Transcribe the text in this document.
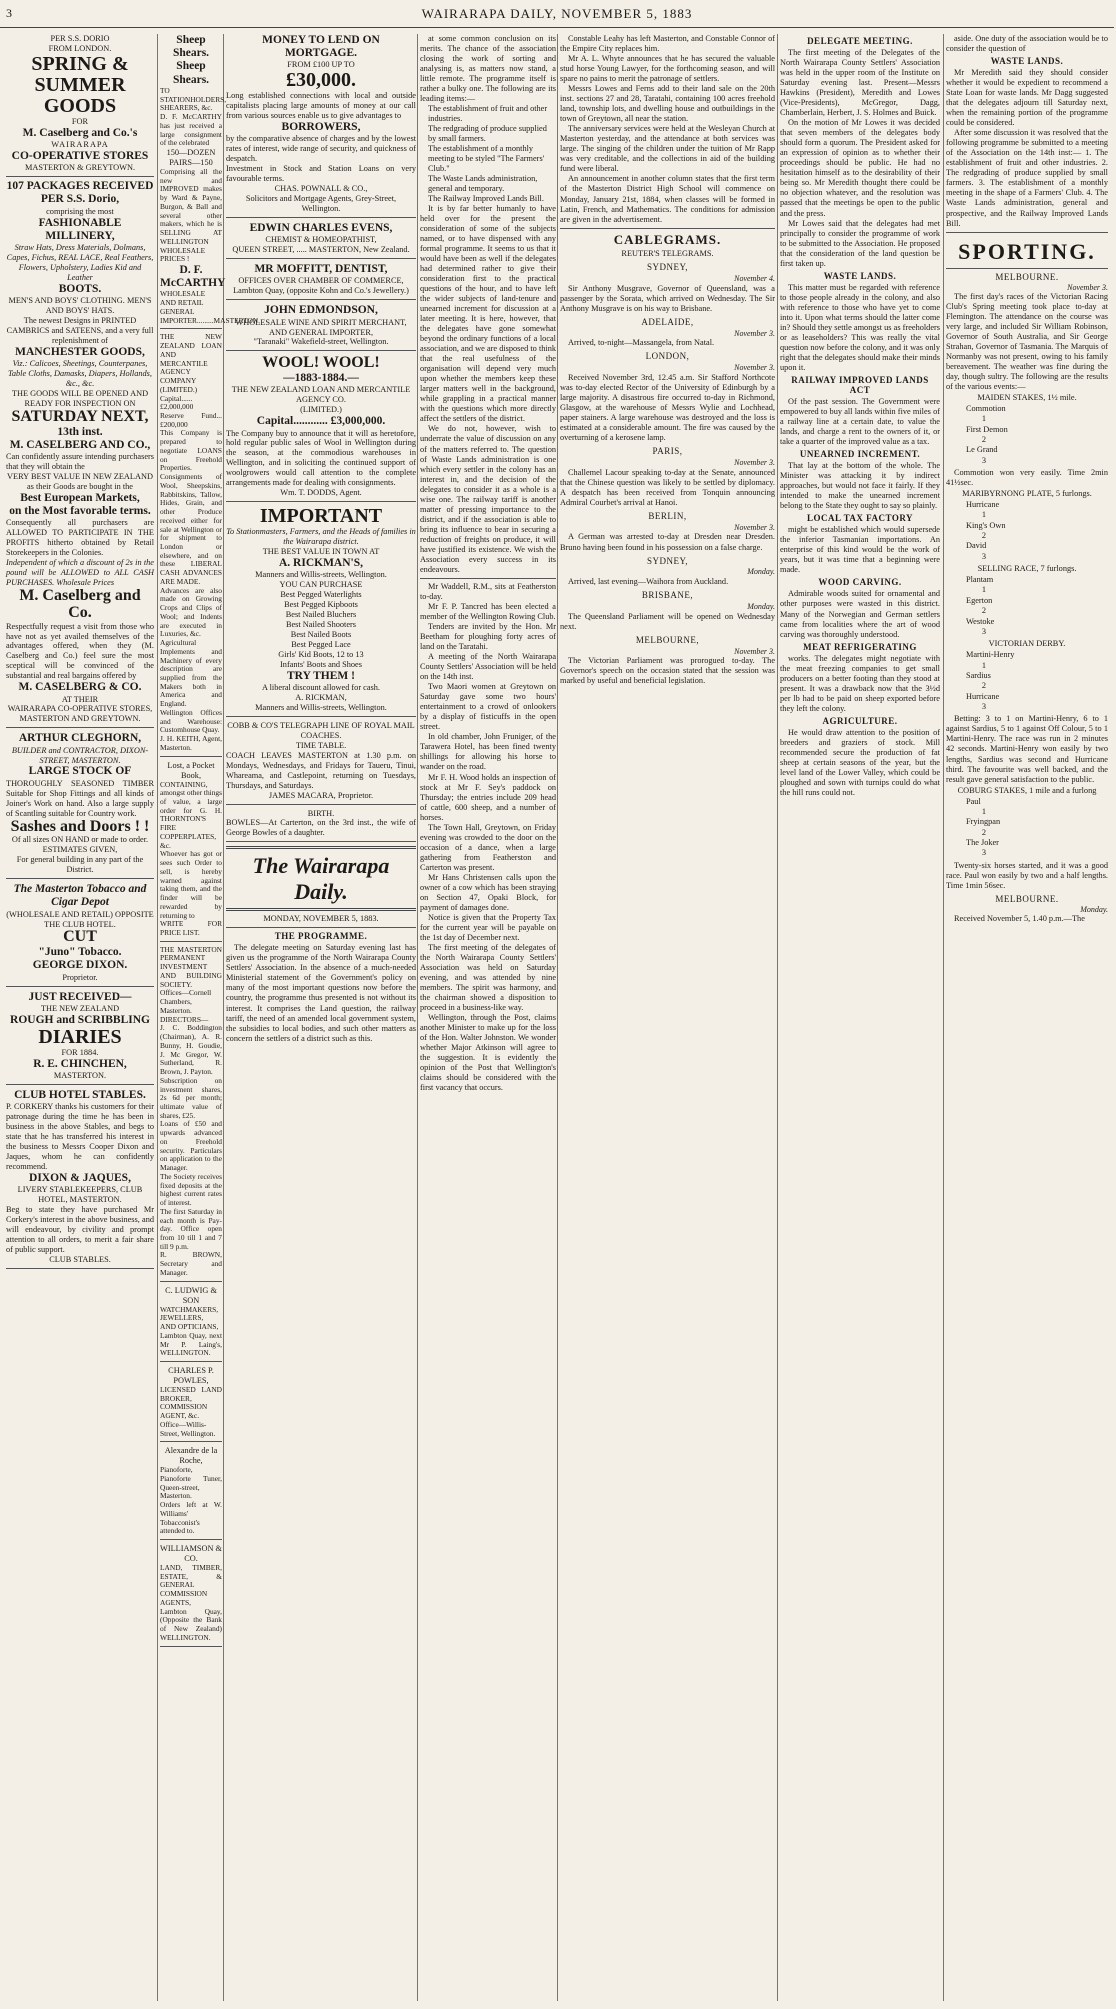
3	WAIRARAPA DAILY, NOVEMBER 5, 1883

PER S.S. DORIO

FROM LONDON.

SPRING &

SUMMER

GOODS

FOR

M. Caselberg and Co.'s

WAIRARAPA

CO-OPERATIVE STORES

MASTERTON & GREYTOWN.

107 PACKAGES RECEIVED PER S.S. Dorio,

comprising the most

FASHIONABLE

MILLINERY,

Straw Hats, Dress Materials, Dolmans, Capes, Fichus, REAL LACE, Real Feathers, Flowers, Upholstery, Ladies Kid and Leather

BOOTS.

MEN'S AND BOYS' CLOTHING. MEN'S AND BOYS' HATS.

The newest Designs in PRINTED CAMBRICS and SATEENS, and a very full replenishment of

MANCHESTER GOODS,

Viz.: Calicoes, Sheetings, Counterpanes, Table Cloths, Damasks, Diapers, Hollands, &c., &c.

THE GOODS WILL BE OPENED AND READY FOR INSPECTION ON

SATURDAY NEXT,

13th inst.

M. CASELBERG AND CO.,

Can confidently assure intending purchasers that they will obtain the

VERY BEST VALUE IN NEW ZEALAND

as their Goods are bought in the

Best European Markets,

on the Most favorable terms.

Consequently all purchasers are ALLOWED TO PARTICIPATE IN THE PROFITS hitherto obtained by Retail Storekeepers in the Colonies.

Independent of which a discount of 2s in the pound will be ALLOWED to ALL CASH PURCHASES. Wholesale Prices

M. Caselberg and Co.

Respectfully request a visit from those who have not as yet availed themselves of the advantages offered, when they (M. Caselberg and Co.) feel sure the most sceptical will be convinced of the substantial and real bargains offered by

M. CASELBERG & CO.

AT THEIR

WAIRARAPA CO-OPERATIVE STORES, MASTERTON AND GREYTOWN.

ARTHUR CLEGHORN,

BUILDER and CONTRACTOR, DIXON-STREET, MASTERTON.

LARGE STOCK OF

THOROUGHLY SEASONED TIMBER Suitable for Shop Fittings and all kinds of Joiner's Work on hand. Also a large supply of Scantling suitable for Country work.

Sashes and Doors ! !

Of all sizes ON HAND or made to order.

ESTIMATES GIVEN,

For general building in any part of the District.

The Masterton Tobacco and Cigar Depot

(WHOLESALE AND RETAIL) OPPOSITE THE CLUB HOTEL.

CUT

"Juno" Tobacco.

GEORGE DIXON.

Proprietor.

JUST RECEIVED—

THE NEW ZEALAND

ROUGH and SCRIBBLING

DIARIES

FOR 1884.

R. E. CHINCHEN,

MASTERTON.

CLUB HOTEL STABLES.

P. CORKERY thanks his customers for their patronage during the time he has been in business in the above Stables, and begs to state that he has transferred his interest in the business to Messrs Cooper Dixon and Jaques, whom he can confidently recommend.

DIXON & JAQUES,

LIVERY STABLEKEEPERS, CLUB HOTEL, MASTERTON.

Beg to state they have purchased Mr Corkery's interest in the above business, and will endeavour, by civility and prompt attention to all orders, to merit a fair share of public support.

CLUB STABLES.

Sheep Shears.

Sheep Shears.

TO STATIONHOLDERS, SHEARERS, &c.

D. F. McCARTHY has just received a large consignment of the celebrated

150—DOZEN PAIRS—150

Comprising all the new and IMPROVED makes by Ward & Payne, Burgon, & Ball and several other makers, which he is SELLING AT WELLINGTON WHOLESALE PRICES !

D. F. McCARTHY

WHOLESALE AND RETAIL

GENERAL IMPORTER.........MASTERTON.

THE NEW ZEALAND LOAN AND MERCANTILE AGENCY COMPANY

(LIMITED.)

Capital...... £2,000,000

Reserve Fund... £200,000

This Company is prepared to negotiate LOANS on Freehold Properties.

Consignments of Wool, Sheepskins, Rabbitskins, Tallow, Hides, Grain, and other Produce received either for sale at Wellington or for shipment to London or elsewhere, and on these LIBERAL CASH ADVANCES ARE MADE.

Advances are also made on Growing Crops and Clips of Wool; and Indents are executed in Luxuries, &c.

Agricultural Implements and Machinery of every description are supplied from the Makers both in America and England.

Wellington Offices and Warehouse: Customhouse Quay.

J. H. KEITH, Agent, Masterton.

Lost, a Pocket Book,

CONTAINING, amongst other things of value, a large order for G. H. THORNTON'S FIRE COPPERPLATES, &c.

Whoever has got or sees such Order to sell, is hereby warned against taking them, and the finder will be rewarded by returning to

WRITE FOR PRICE LIST.

THE MASTERTON PERMANENT INVESTMENT AND BUILDING SOCIETY.

Offices—Cornell Chambers, Masterton.

DIRECTORS—

J. C. Boddington (Chairman), A. R. Bunny, H. Goudie, J. Mc Gregor, W. Sutherland, R. Brown, J. Payton.

Subscription on investment shares, 2s 6d per month; ultimate value of shares, £25.

Loans of £50 and upwards advanced on Freehold security. Particulars on application to the Manager.

The Society receives fixed deposits at the highest current rates of interest.

The first Saturday in each month is Pay-day. Office open from 10 till 1 and 7 till 9 p.m.

R. BROWN, Secretary and Manager.

C. LUDWIG & SON

WATCHMAKERS,

JEWELLERS,

AND OPTICIANS,

Lambton Quay, next Mr P. Laing's, WELLINGTON.

CHARLES P. POWLES,

LICENSED LAND BROKER, COMMISSION AGENT, &c.

Office—Willis-Street, Wellington.

Alexandre de la Roche,

Pianoforte, Pianoforte Tuner, Queen-street, Masterton.

Orders left at W. Williams' Tobacconist's attended to.

WILLIAMSON & CO.

LAND, TIMBER, ESTATE, & GENERAL COMMISSION AGENTS,

Lambton Quay, (Opposite the Bank of New Zealand) WELLINGTON.

MONEY TO LEND ON MORTGAGE.

FROM £100 UP TO

£30,000.

Long established connections with local and outside capitalists placing large amounts of money at our call from various sources enable us to give advantages to

BORROWERS,

by the comparative absence of charges and by the lowest rates of interest, wide range of security, and quickness of despatch.

Investment in Stock and Station Loans on very favourable terms.

CHAS. POWNALL & CO.,

Solicitors and Mortgage Agents, Grey-Street, Wellington.

EDWIN CHARLES EVENS,

CHEMIST & HOMEOPATHIST,

QUEEN STREET, ..... MASTERTON, New Zealand.

MR MOFFITT, DENTIST,

OFFICES OVER CHAMBER OF COMMERCE,

Lambton Quay, (opposite Kohn and Co.'s Jewellery.)

JOHN EDMONDSON,

WHOLESALE WINE AND SPIRIT MERCHANT, AND GENERAL IMPORTER,

"Taranaki" Wakefield-street, Wellington.

WOOL! WOOL!

—1883-1884.—

THE NEW ZEALAND LOAN AND MERCANTILE AGENCY CO.

(LIMITED.)

Capital............ £3,000,000.

The Company buy to announce that it will as heretofore, hold regular public sales of Wool in Wellington during the season, at the commodious warehouses in Wellington, and in soliciting the continued support of woolgrowers would call attention to the complete arrangements made for dealing with consignments.

Wm. T. DODDS, Agent.

IMPORTANT

To Stationmasters, Farmers, and the Heads of families in the Wairarapa district.

THE BEST VALUE IN TOWN AT

A. RICKMAN'S,

Manners and Willis-streets, Wellington.

YOU CAN PURCHASE

Best Pegged Waterlights
Best Pegged Kipboots
Best Nailed Bluchers
Best Nailed Shooters
Best Nailed Boots
Best Pegged Lace
Girls' Kid Boots, 12 to 13
Infants' Boots and Shoes

TRY THEM !

A liberal discount allowed for cash.

A. RICKMAN,

Manners and Willis-streets, Wellington.

COBB & CO'S TELEGRAPH LINE OF ROYAL MAIL COACHES.

TIME TABLE.

COACH LEAVES MASTERTON at 1.30 p.m. on Mondays, Wednesdays, and Fridays for Taueru, Tinui, Whareama, and Castlepoint, returning on Tuesdays, Thursdays, and Saturdays.

JAMES MACARA, Proprietor.

BIRTH.

BOWLES—At Carterton, on the 3rd inst., the wife of George Bowles of a daughter.

The Wairarapa Daily.

MONDAY, NOVEMBER 5, 1883.

THE PROGRAMME.

The delegate meeting on Saturday evening last has given us the programme of the North Wairarapa County Settlers' Association. In the absence of a much-needed Ministerial statement of the Government's policy on many of the most important questions now before the country, the programme thus presented is not without its interest. It comprises the Land question, the railway tariff, the need of an amended local government system, the subsidies to local bodies, and such other matters as concern the settlers of a district such as this.

at some common conclusion on its merits. The chance of the association closing the work of sorting and analysing is, as matters now stand, a little remote. The programme itself is rather a bulky one. The following are its leading items:—

The establishment of fruit and other industries.
The redgrading of produce supplied by small farmers.
The establishment of a monthly meeting to be styled "The Farmers' Club."
The Waste Lands administration, general and temporary.
The Railway Improved Lands Bill.

It is by far better humanly to have held over for the present the consideration of some of the subjects named, or to have dispensed with any formal programme. It seems to us that it would have been as well if the delegates had determined rather to give their consideration first to the practical questions of the hour, and to have left the wider subjects of land-tenure and unearned increment for discussion at a later meeting. It is here, however, that the delegates have gone somewhat beyond the ordinary functions of a local association, and we are disposed to think that the real usefulness of the organisation will depend very much upon whether the members keep these larger matters well in the background, while grappling in a practical manner with the questions which more directly affect the settlers of the district.

We do not, however, wish to underrate the value of discussion on any of the matters referred to. The question of Waste Lands administration is one which every settler in the colony has an interest in, and the decision of the delegates to consider it as a whole is a wise one. The railway tariff is another matter of pressing importance to the district, and if the association is able to bring its influence to bear in securing a reduction of freights on produce, it will have justified its existence. We wish the Association every success in its endeavours.

Mr Waddell, R.M., sits at Featherston to-day.

Mr F. P. Tancred has been elected a member of the Wellington Rowing Club.

Tenders are invited by the Hon. Mr Beetham for ploughing forty acres of land on the Taratahi.

A meeting of the North Wairarapa County Settlers' Association will be held on the 14th inst.

Two Maori women at Greytown on Saturday gave some two hours' entertainment to a crowd of onlookers by a display of fisticuffs in the open street.

In old chamber, John Fruniger, of the Tarawera Hotel, has been fined twenty shillings for allowing his horse to wander on the road.

Mr F. H. Wood holds an inspection of stock at Mr F. Sey's paddock on Thursday; the entries include 209 head of cattle, 600 sheep, and a number of horses.

The Town Hall, Greytown, on Friday evening was crowded to the door on the occasion of a dance, when a large gathering from Featherston and Carterton was present.

Mr Hans Christensen calls upon the owner of a cow which has been straying on Section 47, Opaki Block, for payment of damages done.

Notice is given that the Property Tax for the current year will be payable on the 1st day of December next.

The first meeting of the delegates of the North Wairarapa County Settlers' Association was held on Saturday evening, and was attended by nine members. The spirit was harmony, and the chairman showed a disposition to proceed in a business-like way.

Wellington, through the Post, claims another Minister to make up for the loss of the Hon. Walter Johnston. We wonder whether Major Atkinson will agree to the suggestion. It is evidently the opinion of the Post that Wellington's claims should be considered with the first vacancy that occurs.

Constable Leahy has left Masterton, and Constable Connor of the Empire City replaces him.

Mr A. L. Whyte announces that he has secured the valuable stud horse Young Lawyer, for the forthcoming season, and will spare no pains to merit the patronage of settlers.

Messrs Lowes and Ferns add to their land sale on the 20th inst. sections 27 and 28, Taratahi, containing 100 acres freehold land, township lots, and dwelling house and outbuildings in the town of Greytown, all near the station.

The anniversary services were held at the Wesleyan Church at Masterton yesterday, and the attendance at both services was large. The singing of the children under the tuition of Mr Rapp was very creditable, and the collections in aid of the building fund were liberal.

An announcement in another column states that the first term of the Masterton District High School will commence on Monday, January 21st, 1884, when classes will be formed in Latin, French, and Mathematics. The conditions for admission are given in the advertisement.

CABLEGRAMS.

REUTER'S TELEGRAMS.

SYDNEY,

November 4.

Sir Anthony Musgrave, Governor of Queensland, was a passenger by the Sorata, which arrived on Wednesday. The Sir Anthony Musgrave is on his way to Brisbane.

ADELAIDE,

November 3.

Arrived, to-night—Massangela, from Natal.

LONDON,

November 3.

Received November 3rd, 12.45 a.m. Sir Stafford Northcote was to-day elected Rector of the University of Edinburgh by a large majority. A disastrous fire occurred to-day in Richmond, Glasgow, at the warehouse of Messrs Wylie and Lochhead, paper stainers. A large warehouse was destroyed and the loss is estimated at a considerable amount. The fire was caused by the overturning of a kerosene lamp.

PARIS,

November 3.

Challemel Lacour speaking to-day at the Senate, announced that the Chinese question was likely to be settled by diplomacy. A despatch has been received from Tonquin announcing Admiral Courbet's arrival at Hanoi.

BERLIN,

November 3.

A German was arrested to-day at Dresden near Dresden. Bruno having been found in his possession on a false charge.

SYDNEY,

Monday.

Arrived, last evening—Waihora from Auckland.

BRISBANE,

Monday.

The Queensland Parliament will be opened on Wednesday next.

MELBOURNE,

November 3.

The Victorian Parliament was prorogued to-day. The Governor's speech on the occasion stated that the session was marked by useful and beneficial legislation.

DELEGATE MEETING.

The first meeting of the Delegates of the North Wairarapa County Settlers' Association was held in the upper room of the Institute on Saturday evening last. Present—Messrs Hawkins (President), Meredith and Lowes (Vice-Presidents), McGregor, Dagg, Chamberlain, Herbert, J. S. Holmes and Buick.

On the motion of Mr Lowes it was decided that seven members of the delegates body should form a quorum. The President asked for an expression of opinion as to whether their proceedings should be public. He had no hesitation himself as to the desirability of their being so. Mr Meredith thought there could be no objection whatever, and the resolution was passed that the meetings be open to the public and the press.

Mr Lowes said that the delegates had met principally to consider the programme of work to be submitted to the Association. He proposed that the consideration of the land question be first taken up.

WASTE LANDS.

This matter must be regarded with reference to those people already in the colony, and also with reference to those who have yet to come into it. Upon what terms should the latter come in? Should they settle amongst us as freeholders or as leaseholders? This was really the vital question now before the colony, and it was only right that the delegates should make their minds upon it.

RAILWAY IMPROVED LANDS ACT

Of the past session. The Government were empowered to buy all lands within five miles of a railway line at a certain date, to value the lands, and charge a rent to the owners of it, or take a quarter of the improved value as a tax.

UNEARNED INCREMENT.

That lay at the bottom of the whole. The Minister was attacking it by indirect approaches, but would not face it fairly. If they intended to make the unearned increment belong to the State they ought to say so plainly.

LOCAL TAX FACTORY

might be established which would supersede the inferior Tasmanian importations. An enterprise of this kind would be the work of years, but it was time that a beginning were made.

WOOD CARVING.

Admirable woods suited for ornamental and other purposes were wasted in this district. Many of the Norwegian and German settlers came from localities where the art of wood carving was thoroughly understood.

MEAT REFRIGERATING

works. The delegates might negotiate with the meat freezing companies to get small producers on a better footing than they stood at present. It was a drawback now that the 3½d per lb had to be paid on sheep exported before they left the colony.

AGRICULTURE.

He would draw attention to the position of breeders and graziers of stock. Mill recommended secure the production of fat sheep at certain seasons of the year, but the level land of the Lower Valley, which could be ploughed and sown with turnips could do what the hill runs could not.

aside. One duty of the association would be to consider the question of

WASTE LANDS.

Mr Meredith said they should consider whether it would be expedient to recommend a State Loan for waste lands. Mr Dagg suggested that the delegates adjourn till Saturday next, when the remaining portion of the programme could be considered.

After some discussion it was resolved that the following programme be submitted to a meeting of the Association on the 14th inst:— 1. The establishment of fruit and other industries. 2. The redgrading of produce supplied by small farmers. 3. The establishment of a monthly meeting in the shape of a Farmers' Club. 4. The Waste Lands administration, general and prospective, and the Railway Improved Lands Bill.

SPORTING.

MELBOURNE.

November 3.

The first day's races of the Victorian Racing Club's Spring meeting took place to-day at Flemington. The attendance on the course was very large, and included Sir William Robinson, Governor of South Australia, and Sir George Strahan, Governor of Tasmania. The Marquis of Normanby was not present, owing to his family bereavement. The weather was fine during the day, though sultry. The following are the results of the various events:—

MAIDEN STAKES, 1½ mile.

Commotion1
First Demon2
Le Grand3

Commotion won very easily. Time 2min 41½sec.

MARIBYRNONG PLATE, 5 furlongs.

Hurricane1
King's Own2
David3

SELLING RACE, 7 furlongs.

Plantam1
Egerton2
Westoke3

VICTORIAN DERBY.

Martini-Henry1
Sardius2
Hurricane3

Betting: 3 to 1 on Martini-Henry, 6 to 1 against Sardius, 5 to 1 against Off Colour, 5 to 1 Martini-Henry. The race was run in 2 minutes 42 seconds. Martini-Henry won easily by two lengths, Sardius was second and Hurricane third. The favourite was well backed, and the result gave general satisfaction to the public.

COBURG STAKES, 1 mile and a furlong

Paul1
Fryingpan2
The Joker3

Twenty-six horses started, and it was a good race. Paul won easily by two and a half lengths. Time 1min 56sec.

MELBOURNE.

Monday.

Received November 5, 1.40 p.m.—The
